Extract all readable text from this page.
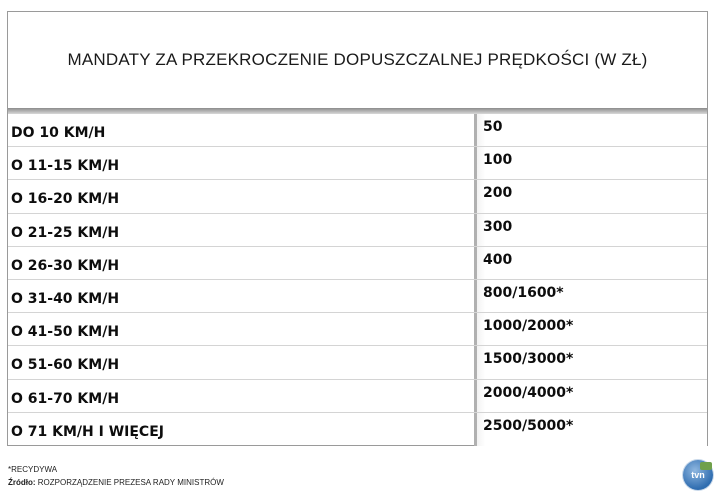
MANDATY ZA PRZEKROCZENIE DOPUSZCZALNEJ PRĘDKOŚCI (W ZŁ)
DO 10 KM/H	50
O 11-15 KM/H	100
O 16-20 KM/H	200
O 21-25 KM/H	300
O 26-30 KM/H	400
O 31-40 KM/H	800/1600*
O 41-50 KM/H	1000/2000*
O 51-60 KM/H	1500/3000*
O 61-70 KM/H	2000/4000*
O 71 KM/H I WIĘCEJ	2500/5000*
*RECYDYWA
Źródło: ROZPORZĄDZENIE PREZESA RADY MINISTRÓW
tvn
